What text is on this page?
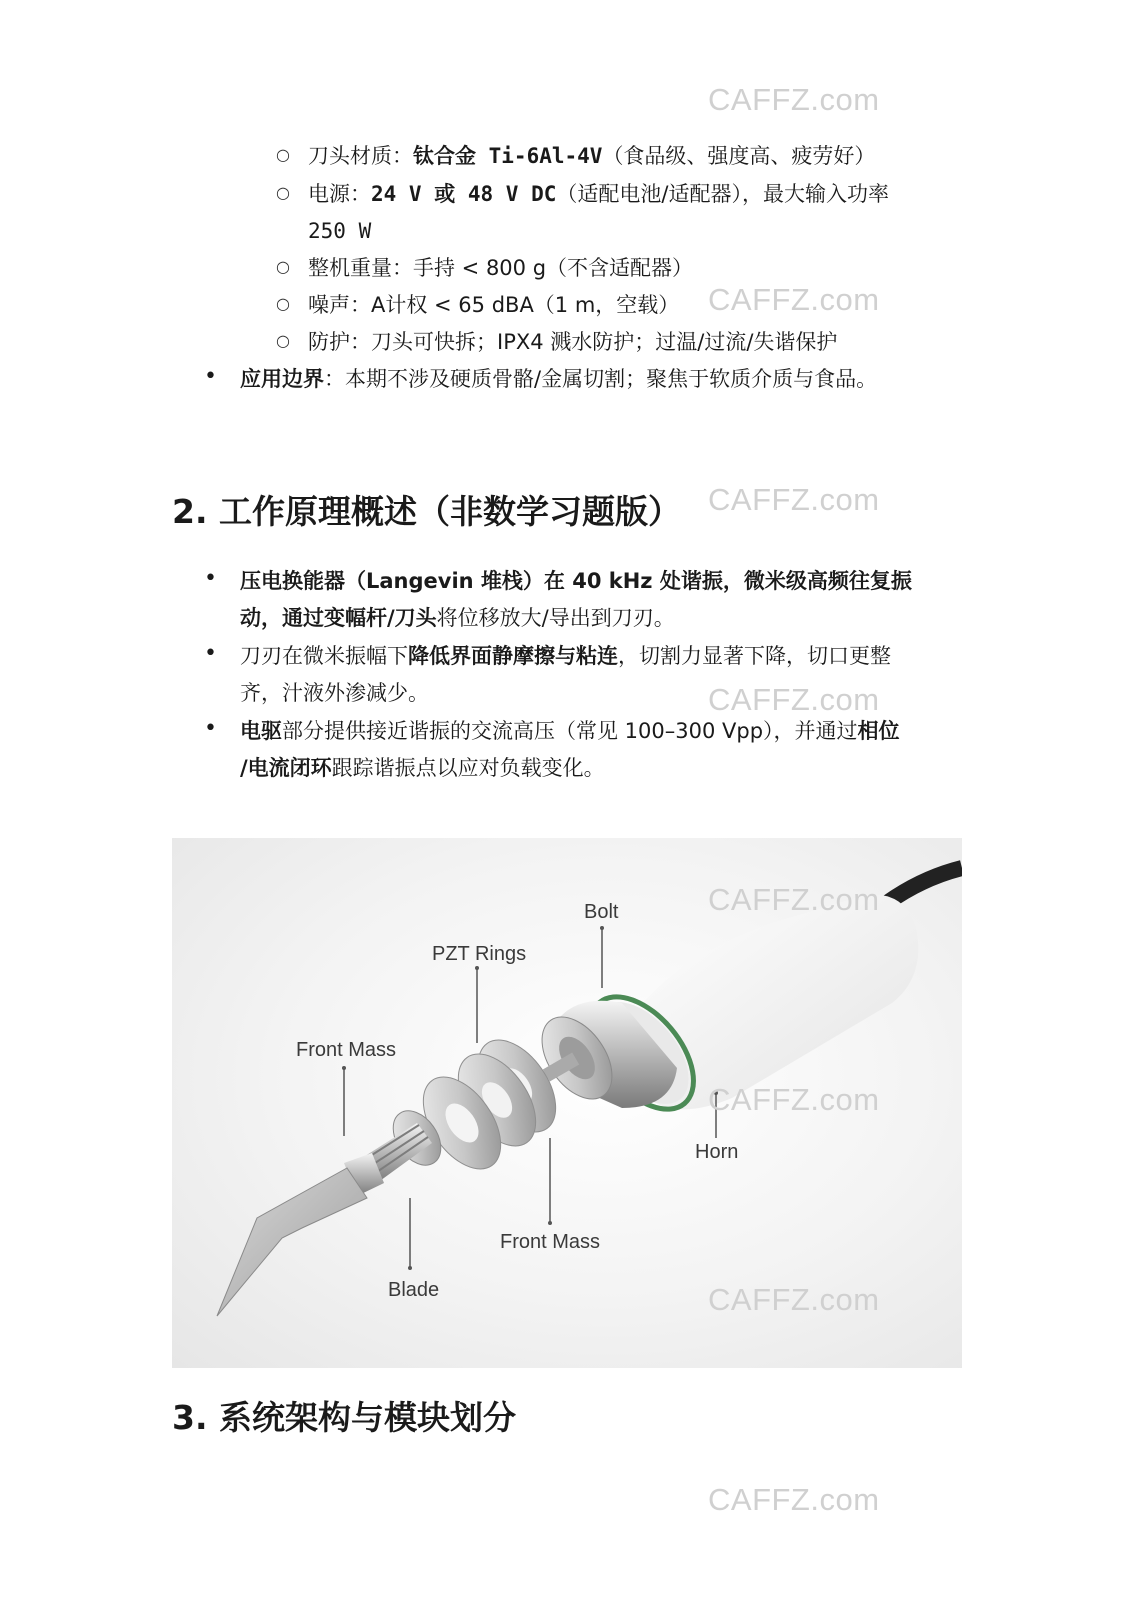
CAFFZ.com
CAFFZ.com
CAFFZ.com
CAFFZ.com
CAFFZ.com
CAFFZ.com
CAFFZ.com
CAFFZ.com
○ 刀头材质：钛合金 Ti-6Al-4V（食品级、强度高、疲劳好）
○ 电源：24 V 或 48 V DC（适配电池/适配器），最大输入功率
250 W
○ 整机重量：手持 < 800 g（不含适配器）
○ 噪声：A计权 < 65 dBA（1 m，空载）
○ 防护：刀头可快拆；IPX4 溅水防护；过温/过流/失谐保护
• 应用边界：本期不涉及硬质骨骼/金属切割；聚焦于软质介质与食品。
2. 工作原理概述（非数学习题版）
• 压电换能器（Langevin 堆栈）在 40 kHz 处谐振，微米级高频往复振
动，通过变幅杆/刀头将位移放大/导出到刀刃。
• 刀刃在微米振幅下降低界面静摩擦与粘连，切割力显著下降，切口更整
齐，汁液外渗减少。
• 电驱部分提供接近谐振的交流高压（常见 100–300 Vpp），并通过相位
/电流闭环跟踪谐振点以应对负载变化。
Bolt
PZT Rings
Front Mass
Horn
Front Mass
Blade
3. 系统架构与模块划分
